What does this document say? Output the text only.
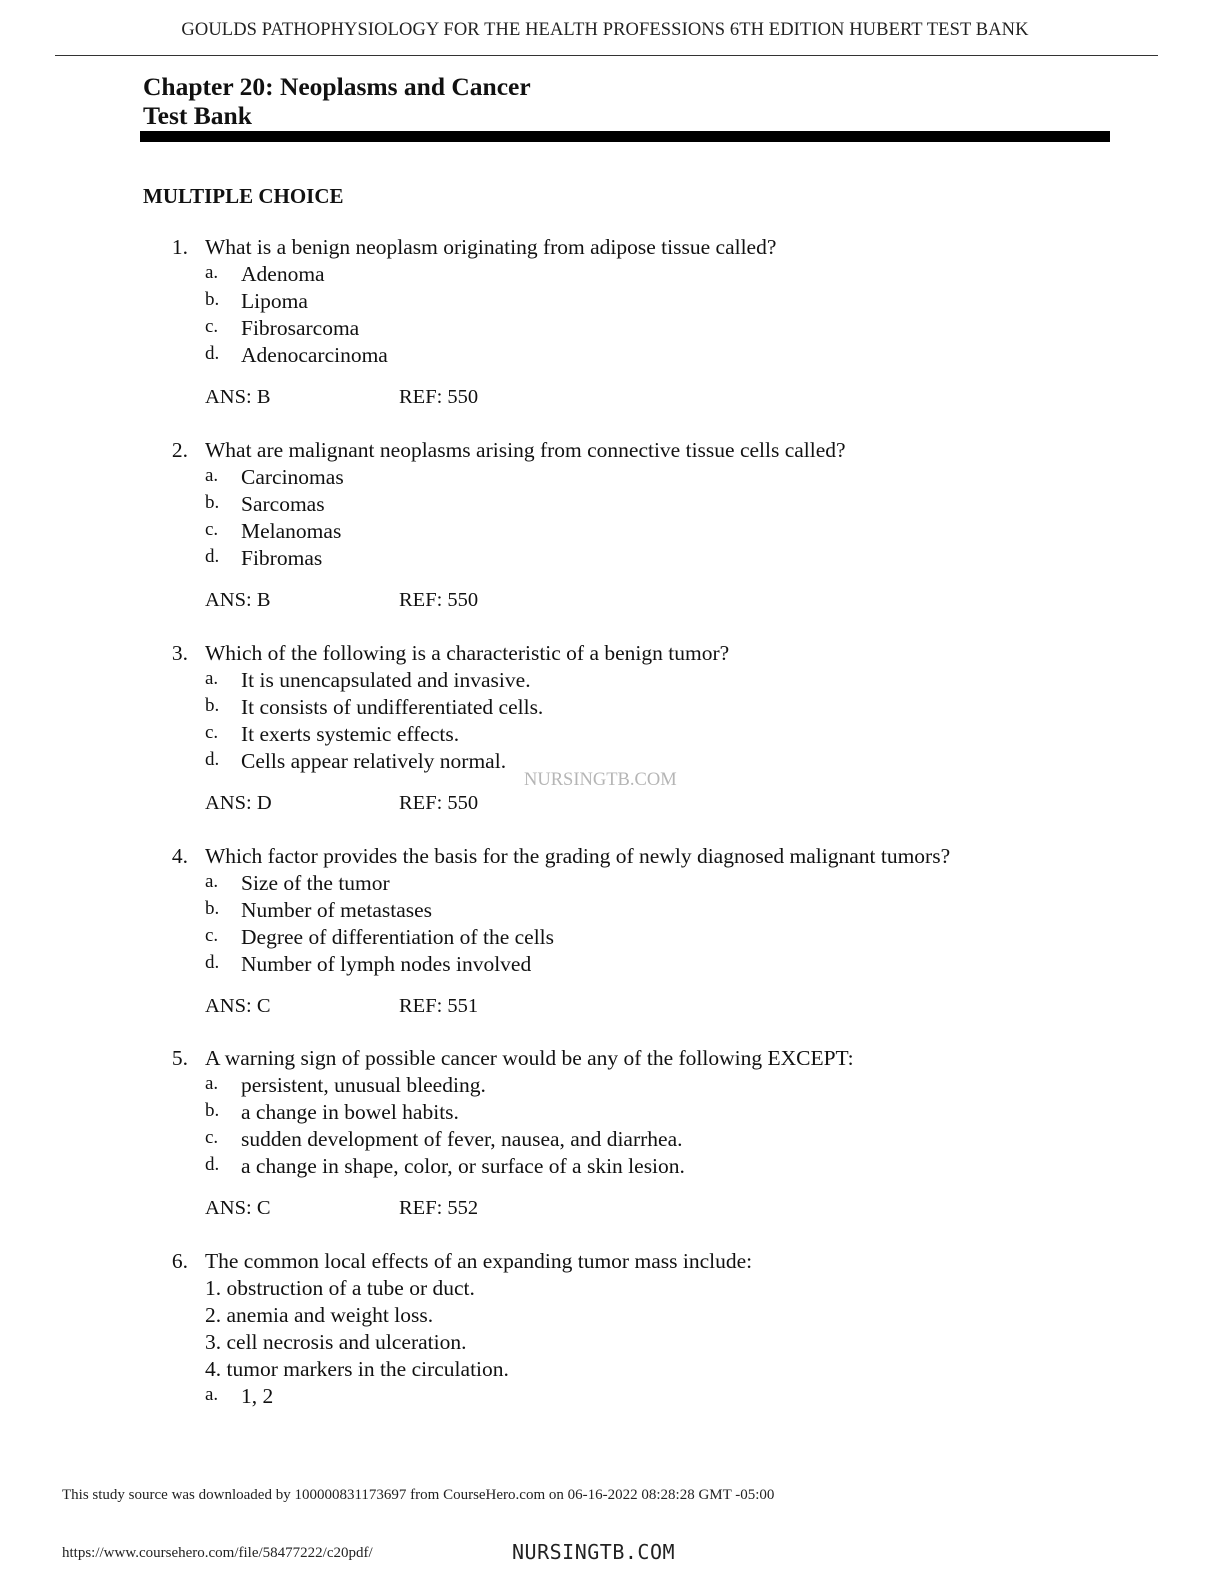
GOULDS PATHOPHYSIOLOGY FOR THE HEALTH PROFESSIONS 6TH EDITION HUBERT TEST BANK
Chapter 20: Neoplasms and Cancer
Test Bank
MULTIPLE CHOICE
1. What is a benign neoplasm originating from adipose tissue called?
a. Adenoma
b. Lipoma
c. Fibrosarcoma
d. Adenocarcinoma
ANS: B	REF: 550
2. What are malignant neoplasms arising from connective tissue cells called?
a. Carcinomas
b. Sarcomas
c. Melanomas
d. Fibromas
ANS: B	REF: 550
3. Which of the following is a characteristic of a benign tumor?
a. It is unencapsulated and invasive.
b. It consists of undifferentiated cells.
c. It exerts systemic effects.
d. Cells appear relatively normal.
ANS: D	REF: 550
NURSINGTB.COM
4. Which factor provides the basis for the grading of newly diagnosed malignant tumors?
a. Size of the tumor
b. Number of metastases
c. Degree of differentiation of the cells
d. Number of lymph nodes involved
ANS: C	REF: 551
5. A warning sign of possible cancer would be any of the following EXCEPT:
a. persistent, unusual bleeding.
b. a change in bowel habits.
c. sudden development of fever, nausea, and diarrhea.
d. a change in shape, color, or surface of a skin lesion.
ANS: C	REF: 552
6. The common local effects of an expanding tumor mass include:
1. obstruction of a tube or duct.
2. anemia and weight loss.
3. cell necrosis and ulceration.
4. tumor markers in the circulation.
a. 1, 2
This study source was downloaded by 100000831173697 from CourseHero.com on 06-16-2022 08:28:28 GMT -05:00
https://www.coursehero.com/file/58477222/c20pdf/	NURSINGTB.COM
